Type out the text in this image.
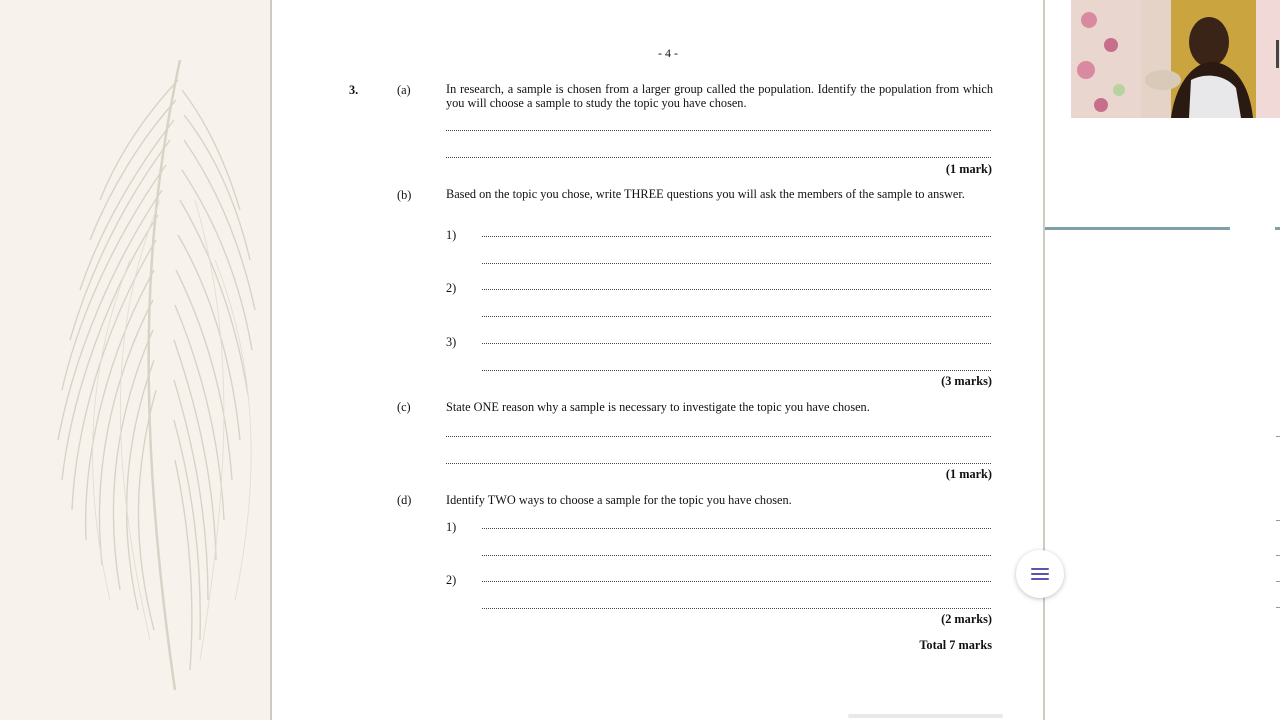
- 4 -
3.	(a)	In research, a sample is chosen from a larger group called the population. Identify the population from which you will choose a sample to study the topic you have chosen.
(1 mark)
(b)	Based on the topic you chose, write THREE questions you will ask the members of the sample to answer.
1)
2)
3)
(3 marks)
(c)	State ONE reason why a sample is necessary to investigate the topic you have chosen.
(1 mark)
(d)	Identify TWO ways to choose a sample for the topic you have chosen.
1)
2)
(2 marks)
Total 7 marks
